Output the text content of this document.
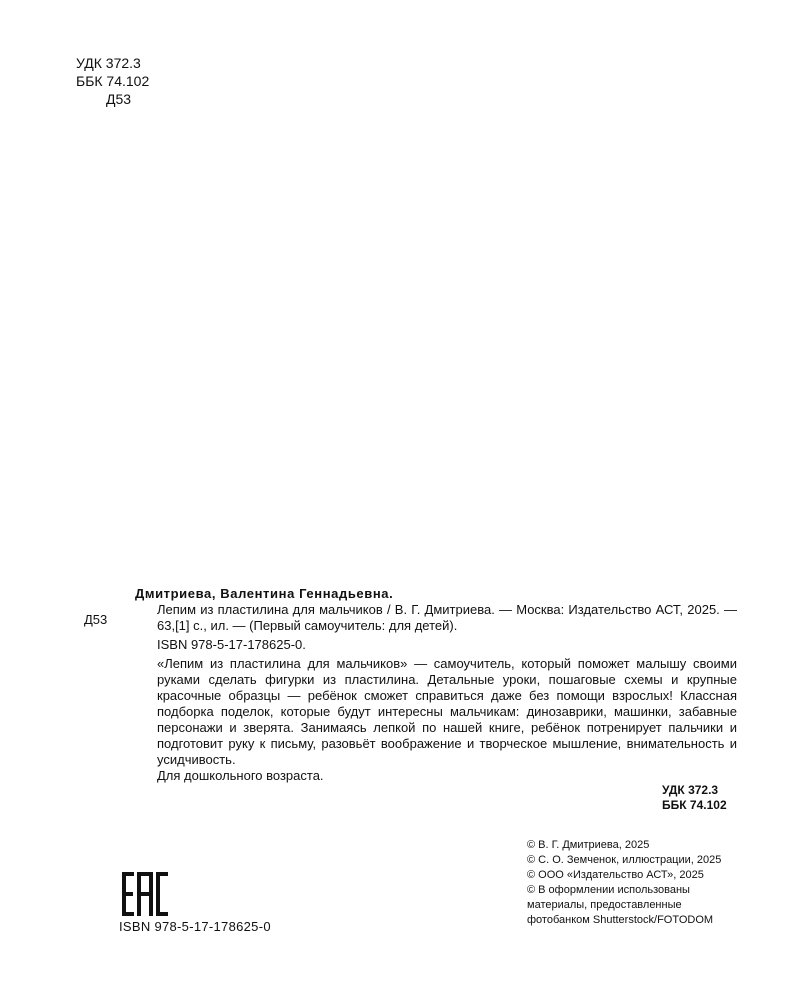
УДК 372.3
ББК 74.102
Д53
Д53
Дмитриева, Валентина Геннадьевна.
Лепим из пластилина для мальчиков / В. Г. Дмитриева. — Москва: Издательство АСТ, 2025. — 63,[1] с., ил. — (Первый самоучитель: для детей).
ISBN 978-5-17-178625-0.
«Лепим из пластилина для мальчиков» — самоучитель, который поможет малышу своими руками сделать фигурки из пластилина. Детальные уроки, пошаговые схемы и крупные красочные образцы — ребёнок сможет справиться даже без помощи взрослых! Классная подборка поделок, которые будут интересны мальчикам: динозаврики, машинки, забавные персонажи и зверята. Занимаясь лепкой по нашей книге, ребёнок потренирует пальчики и подготовит руку к письму, разовьёт воображение и творческое мышление, внимательность и усидчивость.
Для дошкольного возраста.
УДК 372.3
ББК 74.102
© В. Г. Дмитриева, 2025
© С. О. Земченок, иллюстрации, 2025
© ООО «Издательство АСТ», 2025
© В оформлении использованы
материалы, предоставленные
фотобанком Shutterstock/FOTODOM
ISBN 978-5-17-178625-0
